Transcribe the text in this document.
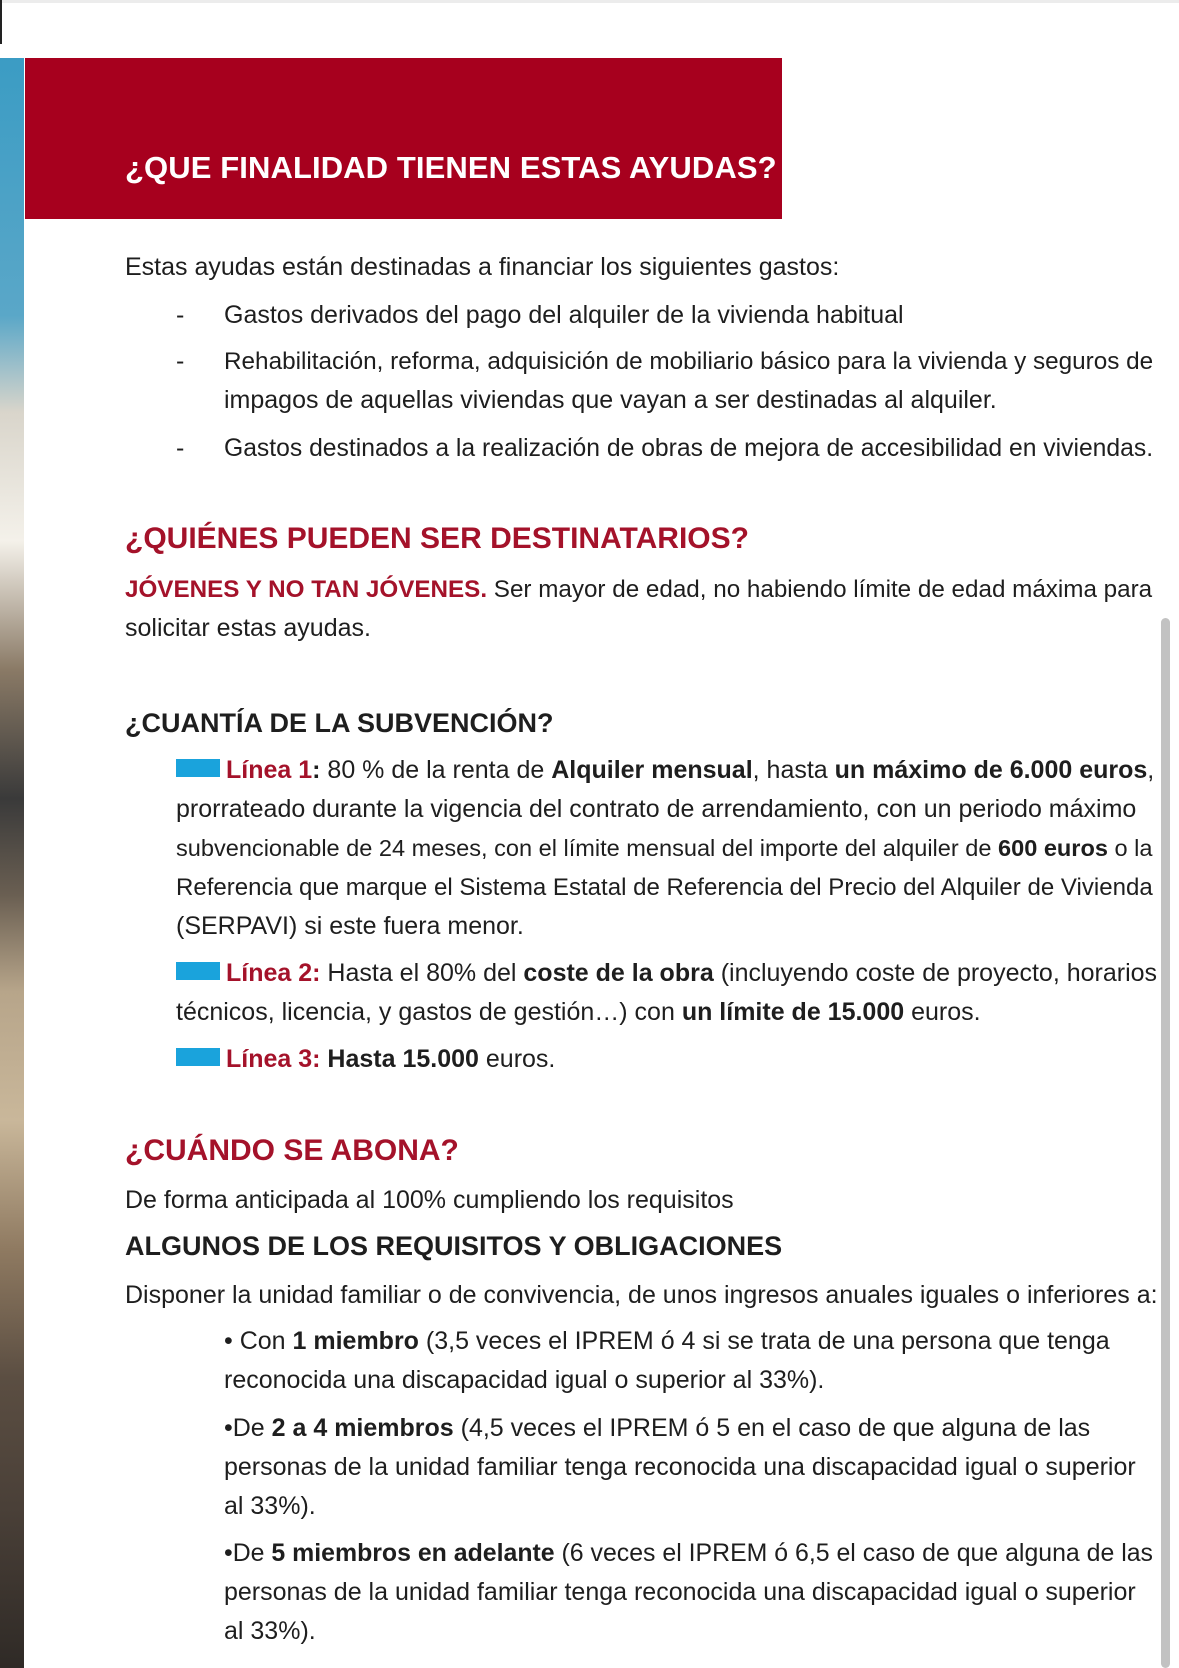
¿QUE FINALIDAD TIENEN ESTAS AYUDAS?

Estas ayudas están destinadas a financiar los siguientes gastos:

- Gastos derivados del pago del alquiler de la vivienda habitual

- Rehabilitación, reforma, adquisición de mobiliario básico para la vivienda y seguros de

impagos de aquellas viviendas que vayan a ser destinadas al alquiler.

- Gastos destinados a la realización de obras de mejora de accesibilidad en viviendas.

¿QUIÉNES PUEDEN SER DESTINATARIOS?

JÓVENES Y NO TAN JÓVENES. Ser mayor de edad, no habiendo límite de edad máxima para

solicitar estas ayudas.

¿CUANTÍA DE LA SUBVENCIÓN?

Línea 1: 80 % de la renta de Alquiler mensual, hasta un máximo de 6.000 euros,

prorrateado durante la vigencia del contrato de arrendamiento, con un periodo máximo

subvencionable de 24 meses, con el límite mensual del importe del alquiler de 600 euros o la

Referencia que marque el Sistema Estatal de Referencia del Precio del Alquiler de Vivienda

(SERPAVI) si este fuera menor.

Línea 2: Hasta el 80% del coste de la obra (incluyendo coste de proyecto, horarios

técnicos, licencia, y gastos de gestión…) con un límite de 15.000 euros.

Línea 3: Hasta 15.000 euros.

¿CUÁNDO SE ABONA?

De forma anticipada al 100% cumpliendo los requisitos

ALGUNOS DE LOS REQUISITOS Y OBLIGACIONES

Disponer la unidad familiar o de convivencia, de unos ingresos anuales iguales o inferiores a:

• Con 1 miembro (3,5 veces el IPREM ó 4 si se trata de una persona que tenga

reconocida una discapacidad igual o superior al 33%).

•De 2 a 4 miembros (4,5 veces el IPREM ó 5 en el caso de que alguna de las

personas de la unidad familiar tenga reconocida una discapacidad igual o superior

al 33%).

•De 5 miembros en adelante (6 veces el IPREM ó 6,5 el caso de que alguna de las

personas de la unidad familiar tenga reconocida una discapacidad igual o superior

al 33%).
